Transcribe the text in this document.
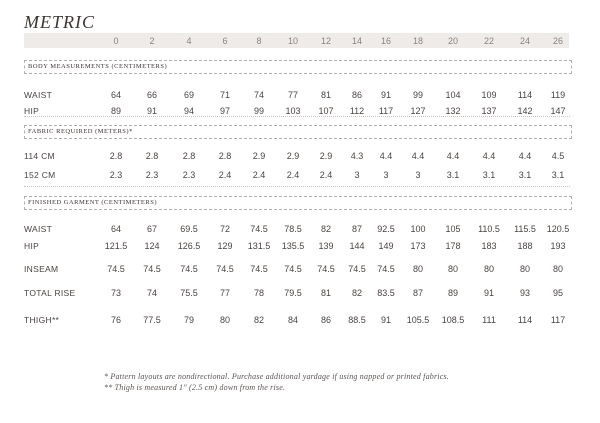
METRIC
0	2	4	6	8	10	12	14	16	18	20	22	24	26
BODY MEASUREMENTS (CENTIMETERS)
FABRIC REQUIRED (METERS)*
FINISHED GARMENT (CENTIMETERS)
WAIST	64	66	69	71	74	77	81	86	91	99	104	109	114	119
HIP	89	91	94	97	99	103	107	112	117	127	132	137	142	147
114 CM	2.8	2.8	2.8	2.8	2.9	2.9	2.9	4.3	4.4	4.4	4.4	4.4	4.4	4.5
152 CM	2.3	2.3	2.3	2.4	2.4	2.4	2.4	3	3	3	3.1	3.1	3.1	3.1
WAIST	64	67	69.5	72	74.5	78.5	82	87	92.5	100	105	110.5	115.5	120.5
HIP	121.5	124	126.5	129	131.5	135.5	139	144	149	173	178	183	188	193
INSEAM	74.5	74.5	74.5	74.5	74.5	74.5	74.5	74.5	74.5	80	80	80	80	80
TOTAL RISE	73	74	75.5	77	78	79.5	81	82	83.5	87	89	91	93	95
THIGH**	76	77.5	79	80	82	84	86	88.5	91	105.5	108.5	111	114	117
* Pattern layouts are nondirectional. Purchase additional yardage if using napped or printed fabrics.
** Thigh is measured 1" (2.5 cm) down from the rise.
